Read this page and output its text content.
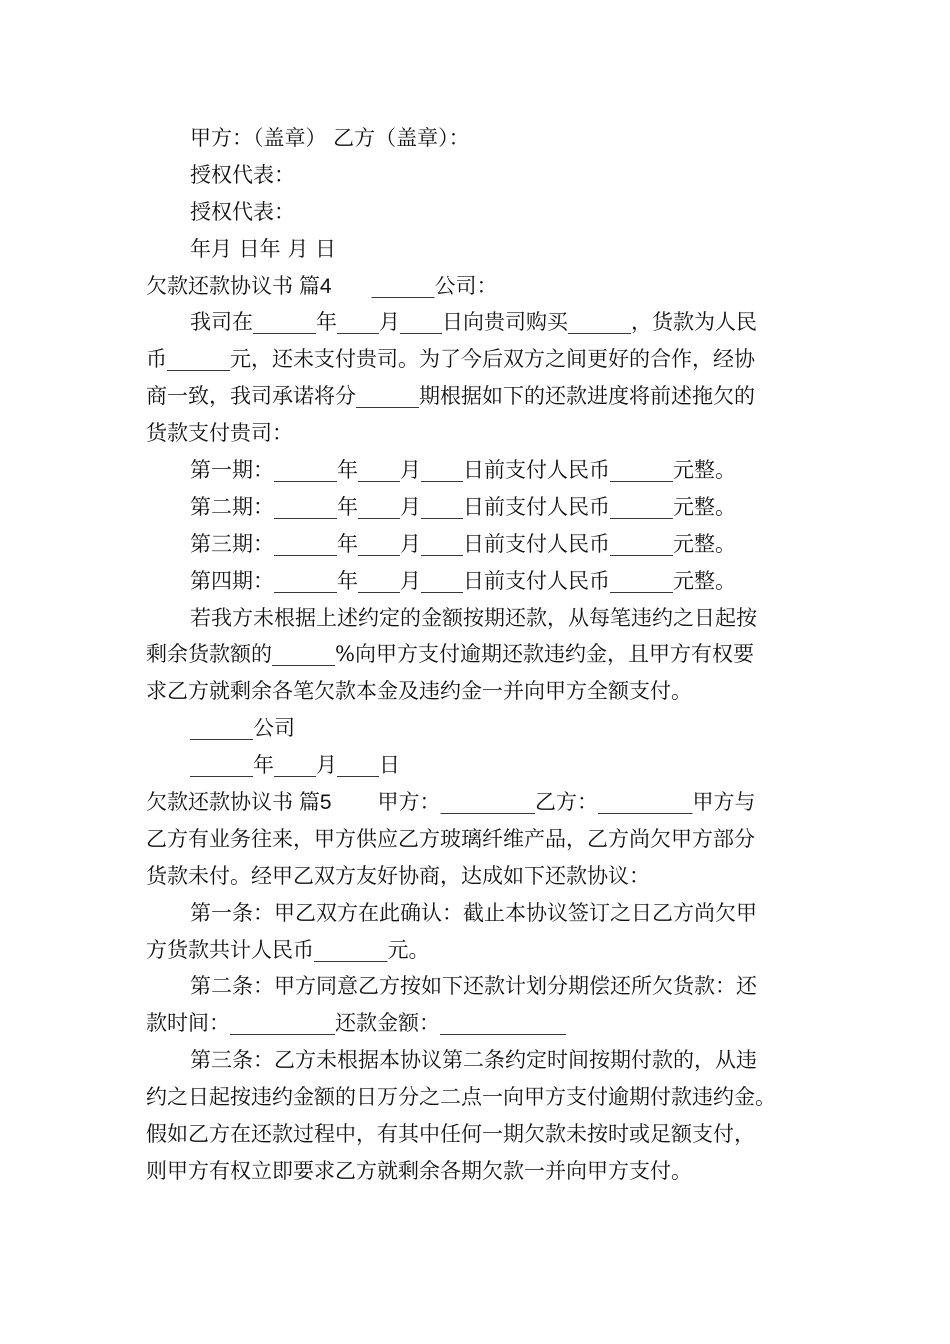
甲方：（盖章） 乙方（盖章）：
授权代表：
授权代表：
年月 日年 月 日
欠款还款协议书 篇4 ______公司：
我司在______年____月____日向贵司购买______，货款为人民
币______元，还未支付贵司。为了今后双方之间更好的合作，经协
商一致，我司承诺将分______期根据如下的还款进度将前述拖欠的
货款支付贵司：
第一期：______年____月____日前支付人民币______元整。
第二期：______年____月____日前支付人民币______元整。
第三期：______年____月____日前支付人民币______元整。
第四期：______年____月____日前支付人民币______元整。
若我方未根据上述约定的金额按期还款，从每笔违约之日起按
剩余货款额的______%向甲方支付逾期还款违约金，且甲方有权要
求乙方就剩余各笔欠款本金及违约金一并向甲方全额支付。
______公司
______年____月____日
欠款还款协议书 篇5 甲方：_________乙方：_________甲方与
乙方有业务往来，甲方供应乙方玻璃纤维产品，乙方尚欠甲方部分
货款未付。经甲乙双方友好协商，达成如下还款协议：
第一条：甲乙双方在此确认：截止本协议签订之日乙方尚欠甲
方货款共计人民币_______元。
第二条：甲方同意乙方按如下还款计划分期偿还所欠货款：还
款时间：__________还款金额：____________
第三条：乙方未根据本协议第二条约定时间按期付款的，从违
约之日起按违约金额的日万分之二点一向甲方支付逾期付款违约金。
假如乙方在还款过程中，有其中任何一期欠款未按时或足额支付，
则甲方有权立即要求乙方就剩余各期欠款一并向甲方支付。
